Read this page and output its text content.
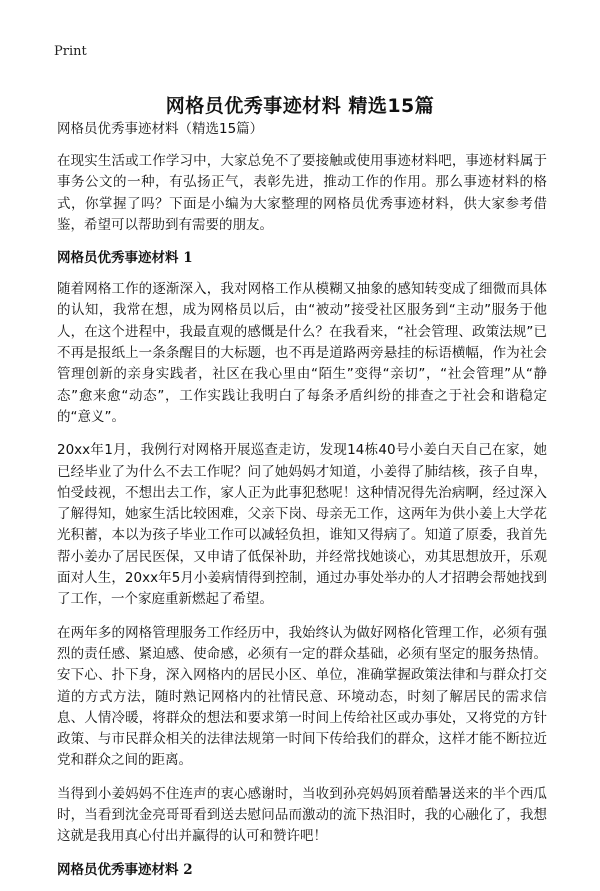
Print
网格员优秀事迹材料 精选15篇
网格员优秀事迹材料（精选15篇）

在现实生活或工作学习中，大家总免不了要接触或使用事迹材料吧，事迹材料属于事务公文的一种，有弘扬正气，表彰先进，推动工作的作用。那么事迹材料的格式，你掌握了吗？下面是小编为大家整理的网格员优秀事迹材料，供大家参考借鉴，希望可以帮助到有需要的朋友。

网格员优秀事迹材料 1

随着网格工作的逐渐深入，我对网格工作从模糊又抽象的感知转变成了细微而具体的认知，我常在想，成为网格员以后，由“被动”接受社区服务到“主动”服务于他人，在这个进程中，我最直观的感慨是什么？在我看来，“社会管理、政策法规”已不再是报纸上一条条醒目的大标题，也不再是道路两旁悬挂的标语横幅，作为社会管理创新的亲身实践者，社区在我心里由“陌生”变得“亲切”，“社会管理”从“静态”愈来愈“动态”，工作实践让我明白了每条矛盾纠纷的排查之于社会和谐稳定的“意义”。

20xx年1月，我例行对网格开展巡查走访，发现14栋40号小姜白天自己在家，她已经毕业了为什么不去工作呢？问了她妈妈才知道，小姜得了肺结核，孩子自卑，怕受歧视，不想出去工作，家人正为此事犯愁呢！这种情况得先治病啊，经过深入了解得知，她家生活比较困难，父亲下岗、母亲无工作，这两年为供小姜上大学花光积蓄，本以为孩子毕业工作可以减轻负担，谁知又得病了。知道了原委，我首先帮小姜办了居民医保，又申请了低保补助，并经常找她谈心，劝其思想放开，乐观面对人生，20xx年5月小姜病情得到控制，通过办事处举办的人才招聘会帮她找到了工作，一个家庭重新燃起了希望。

在两年多的网格管理服务工作经历中，我始终认为做好网格化管理工作，必须有强烈的责任感、紧迫感、使命感，必须有一定的群众基础，必须有坚定的服务热情。安下心、扑下身，深入网格内的居民小区、单位，准确掌握政策法律和与群众打交道的方式方法，随时熟记网格内的社情民意、环境动态，时刻了解居民的需求信息、人情冷暖，将群众的想法和要求第一时间上传给社区或办事处，又将党的方针政策、与市民群众相关的法律法规第一时间下传给我们的群众，这样才能不断拉近党和群众之间的距离。

当得到小姜妈妈不住连声的衷心感谢时，当收到孙亮妈妈顶着酷暑送来的半个西瓜时，当看到沈金亮哥哥看到送去慰问品而激动的流下热泪时，我的心融化了，我想这就是我用真心付出并赢得的认可和赞许吧！

网格员优秀事迹材料 2
